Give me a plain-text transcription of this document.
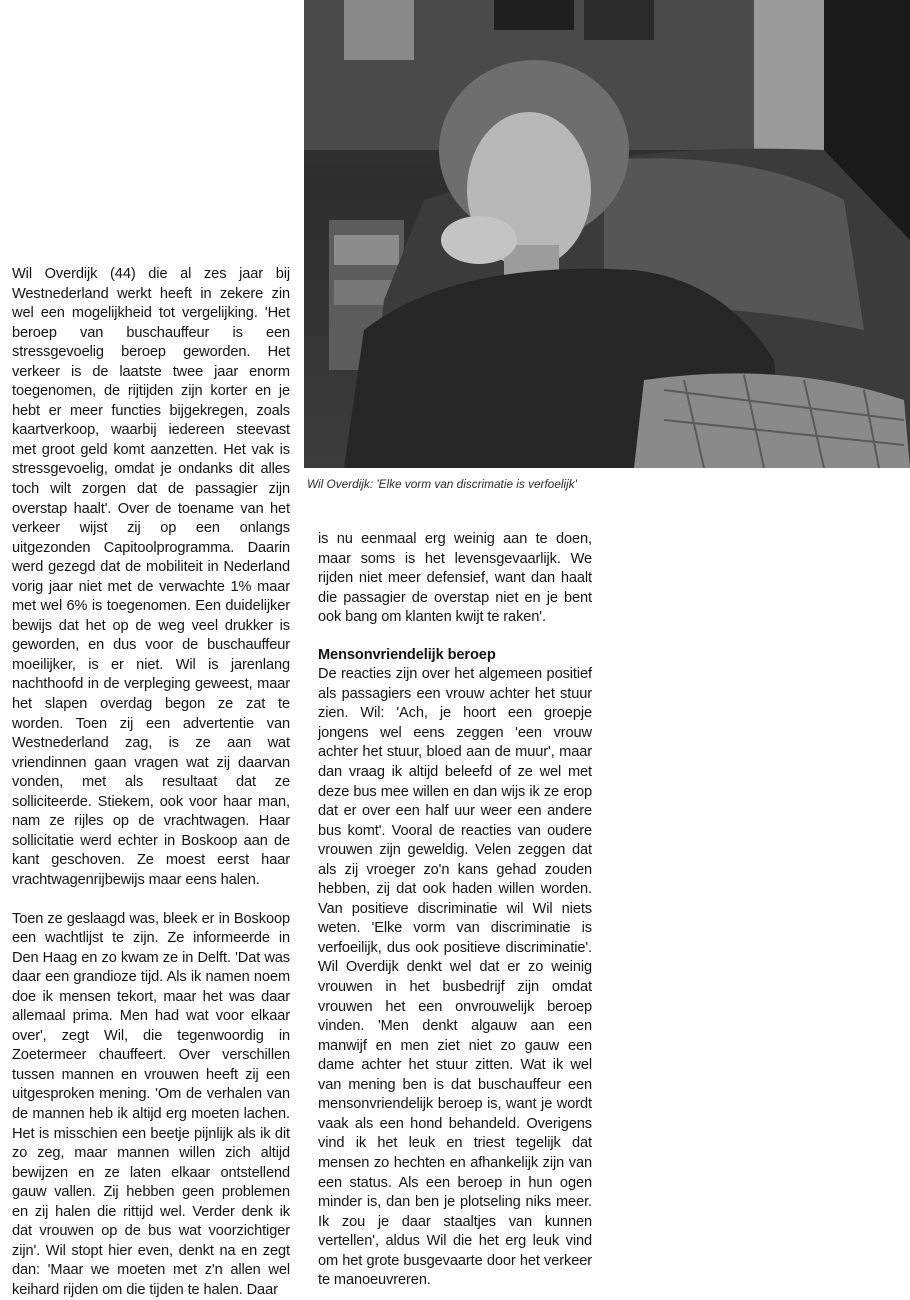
Wil Overdijk: 'Elke vorm van discrimatie is verfoelijk'

Wil Overdijk (44) die al zes jaar bij Westnederland werkt heeft in zekere zin wel een mogelijkheid tot vergelijking. 'Het beroep van buschauffeur is een stressgevoelig beroep geworden. Het verkeer is de laatste twee jaar enorm toegenomen, de rijtijden zijn korter en je hebt er meer functies bijgekregen, zoals kaartverkoop, waarbij iedereen steevast met groot geld komt aanzetten. Het vak is stressgevoelig, omdat je ondanks dit alles toch wilt zorgen dat de passagier zijn overstap haalt'. Over de toename van het verkeer wijst zij op een onlangs uitgezonden Capitoolprogramma. Daarin werd gezegd dat de mobiliteit in Nederland vorig jaar niet met de verwachte 1% maar met wel 6% is toegenomen. Een duidelijker bewijs dat het op de weg veel drukker is geworden, en dus voor de buschauffeur moeilijker, is er niet. Wil is jarenlang nachthoofd in de verpleging geweest, maar het slapen overdag begon ze zat te worden. Toen zij een advertentie van Westnederland zag, is ze aan wat vriendinnen gaan vragen wat zij daarvan vonden, met als resultaat dat ze solliciteerde. Stiekem, ook voor haar man, nam ze rijles op de vrachtwagen. Haar sollicitatie werd echter in Boskoop aan de kant geschoven. Ze moest eerst haar vrachtwagenrijbewijs maar eens halen.

Toen ze geslaagd was, bleek er in Boskoop een wachtlijst te zijn. Ze informeerde in Den Haag en zo kwam ze in Delft. 'Dat was daar een grandioze tijd. Als ik namen noem doe ik mensen tekort, maar het was daar allemaal prima. Men had wat voor elkaar over', zegt Wil, die tegenwoordig in Zoetermeer chauffeert. Over verschillen tussen mannen en vrouwen heeft zij een uitgesproken mening. 'Om de verhalen van de mannen heb ik altijd erg moeten lachen. Het is misschien een beetje pijnlijk als ik dit zo zeg, maar mannen willen zich altijd bewijzen en ze laten elkaar ontstellend gauw vallen. Zij hebben geen problemen en zij halen die rittijd wel. Verder denk ik dat vrouwen op de bus wat voorzichtiger zijn'. Wil stopt hier even, denkt na en zegt dan: 'Maar we moeten met z'n allen wel keihard rijden om die tijden te halen. Daar

is nu eenmaal erg weinig aan te doen, maar soms is het levensgevaarlijk. We rijden niet meer defensief, want dan haalt die passagier de overstap niet en je bent ook bang om klanten kwijt te raken'.

Mensonvriendelijk beroep

De reacties zijn over het algemeen positief als passagiers een vrouw achter het stuur zien. Wil: 'Ach, je hoort een groepje jongens wel eens zeggen 'een vrouw achter het stuur, bloed aan de muur', maar dan vraag ik altijd beleefd of ze wel met deze bus mee willen en dan wijs ik ze erop dat er over een half uur weer een andere bus komt'. Vooral de reacties van oudere vrouwen zijn geweldig. Velen zeggen dat als zij vroeger zo'n kans gehad zouden hebben, zij dat ook haden willen worden. Van positieve discriminatie wil Wil niets weten. 'Elke vorm van discriminatie is verfoeilijk, dus ook positieve discriminatie'. Wil Overdijk denkt wel dat er zo weinig vrouwen in het busbedrijf zijn omdat vrouwen het een onvrouwelijk beroep vinden. 'Men denkt algauw aan een manwijf en men ziet niet zo gauw een dame achter het stuur zitten. Wat ik wel van mening ben is dat buschauffeur een mensonvriendelijk beroep is, want je wordt vaak als een hond behandeld. Overigens vind ik het leuk en triest tegelijk dat mensen zo hechten en afhankelijk zijn van een status. Als een beroep in hun ogen minder is, dan ben je plotseling niks meer. Ik zou je daar staaltjes van kunnen vertellen', aldus Wil die het erg leuk vind om het grote busgevaarte door het verkeer te manoeuvreren.
